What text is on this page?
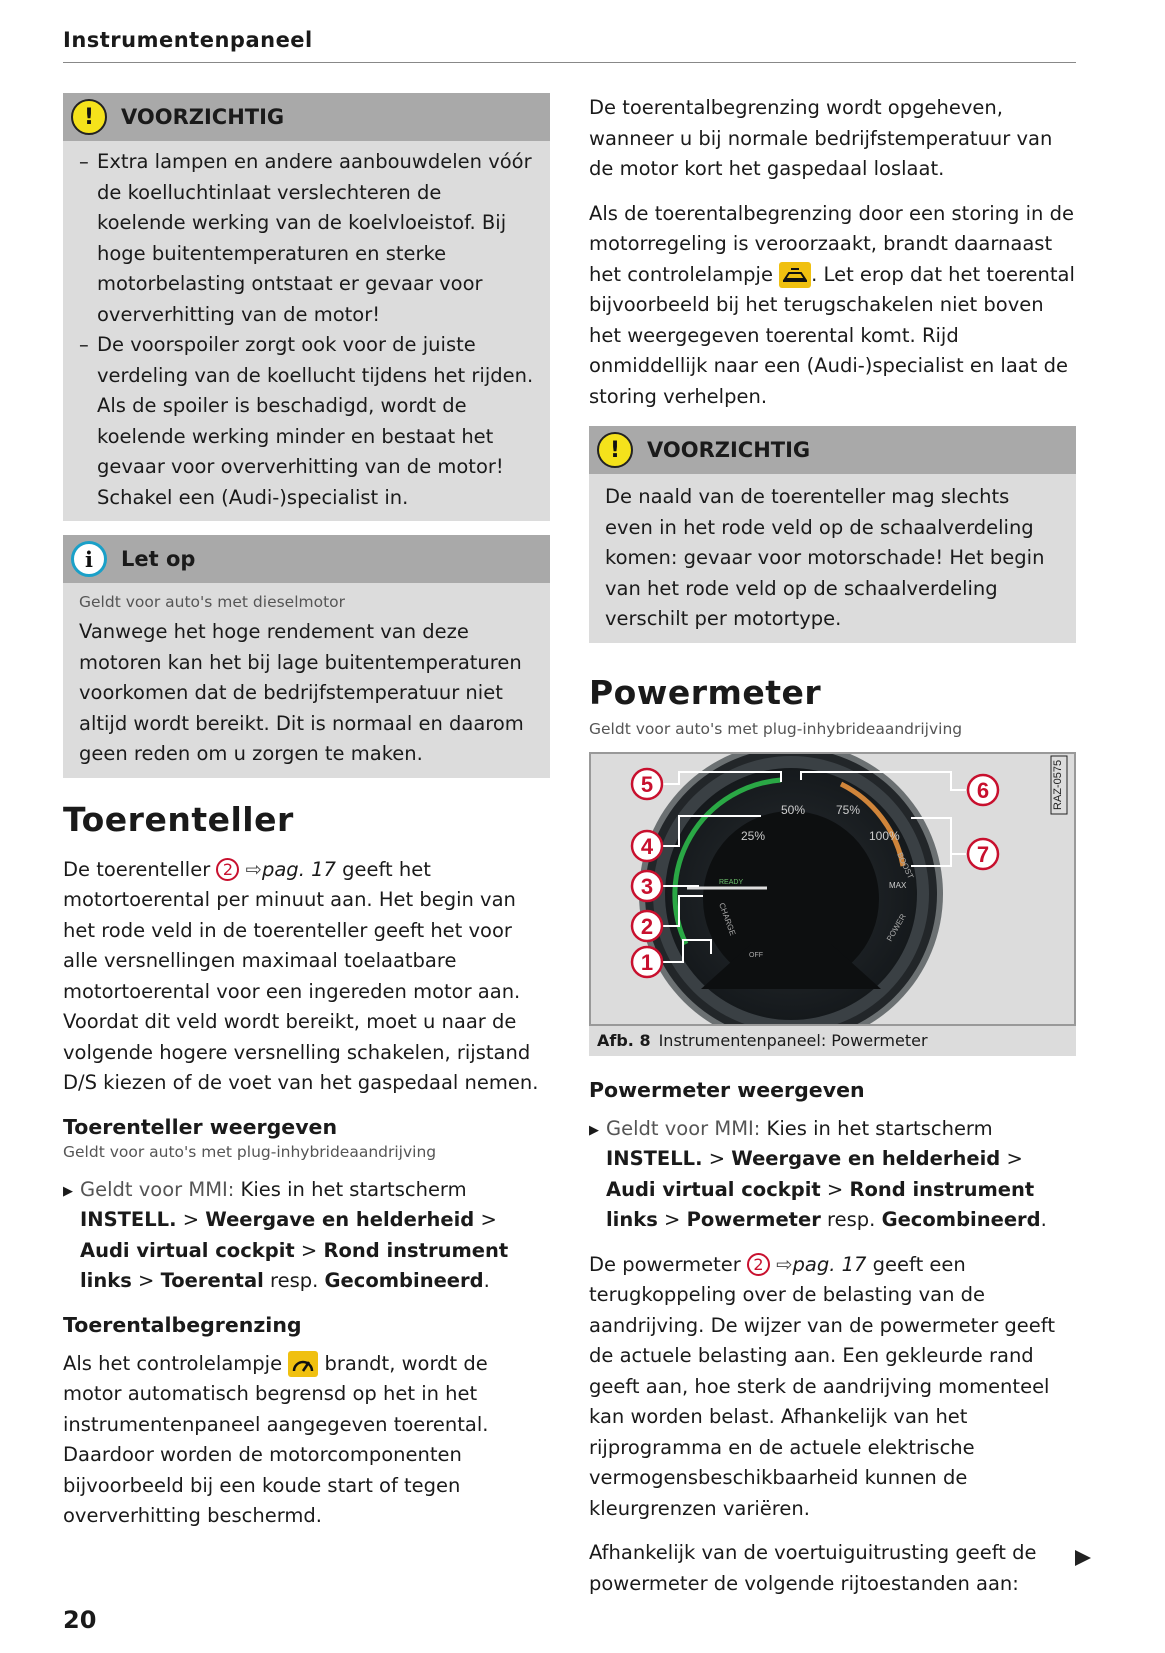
Instrumentenpaneel
!	VOORZICHTIG
– Extra lampen en andere aanbouwdelen vóór de koelluchtinlaat verslechteren de koelende werking van de koelvloeistof. Bij hoge buitentemperaturen en sterke motorbelasting ontstaat er gevaar voor oververhitting van de motor!
– De voorspoiler zorgt ook voor de juiste verdeling van de koellucht tijdens het rijden. Als de spoiler is beschadigd, wordt de koelende werking minder en bestaat het gevaar voor oververhitting van de motor! Schakel een (Audi-)specialist in.
i	Let op
Geldt voor auto's met dieselmotor
Vanwege het hoge rendement van deze motoren kan het bij lage buitentemperaturen voorkomen dat de bedrijfstemperatuur niet altijd wordt bereikt. Dit is normaal en daarom geen reden om u zorgen te maken.
Toerenteller

De toerenteller 2 ⇨pag. 17 geeft het motortoerental per minuut aan. Het begin van het rode veld in de toerenteller geeft het voor alle versnellingen maximaal toelaatbare motortoerental voor een ingereden motor aan. Voordat dit veld wordt bereikt, moet u naar de volgende hogere versnelling schakelen, rijstand D/S kiezen of de voet van het gaspedaal nemen.

Toerenteller weergeven
Geldt voor auto's met plug-inhybrideaandrijving
▶ Geldt voor MMI: Kies in het startscherm INSTELL. > Weergave en helderheid > Audi virtual cockpit > Rond instrument links > Toerental resp. Gecombineerd.
Toerentalbegrenzing

Als het controlelampje brandt, wordt de motor automatisch begrensd op het in het instrumentenpaneel aangegeven toerental. Daardoor worden de motorcomponenten bijvoorbeeld bij een koude start of tegen oververhitting beschermd.

De toerentalbegrenzing wordt opgeheven, wanneer u bij normale bedrijfstemperatuur van de motor kort het gaspedaal loslaat.

Als de toerentalbegrenzing door een storing in de motorregeling is veroorzaakt, brandt daarnaast het controlelampje . Let erop dat het toerental bijvoorbeeld bij het terugschakelen niet boven het weergegeven toerental komt. Rijd onmiddellijk naar een (Audi-)specialist en laat de storing verhelpen.

!	VOORZICHTIG
De naald van de toerenteller mag slechts even in het rode veld op de schaalverdeling komen: gevaar voor motorschade! Het begin van het rode veld op de schaalverdeling verschilt per motortype.
Powermeter
Geldt voor auto's met plug-inhybrideaandrijving
25%
50%	75%
100%
BOOST
MAX
POWER
READY
CHARGE
OFF
5
4
3
2
1
6
7
RAZ-0575
Afb. 8 Instrumentenpaneel: Powermeter
Powermeter weergeven
▶ Geldt voor MMI: Kies in het startscherm INSTELL. > Weergave en helderheid > Audi virtual cockpit > Rond instrument links > Powermeter resp. Gecombineerd.

De powermeter 2 ⇨pag. 17 geeft een terugkoppeling over de belasting van de aandrijving. De wijzer van de powermeter geeft de actuele belasting aan. Een gekleurde rand geeft aan, hoe sterk de aandrijving momenteel kan worden belast. Afhankelijk van het rijprogramma en de actuele elektrische vermogensbeschikbaarheid kunnen de kleurgrenzen variëren.

Afhankelijk van de voertuiguitrusting geeft de powermeter de volgende rijtoestanden aan:

20
